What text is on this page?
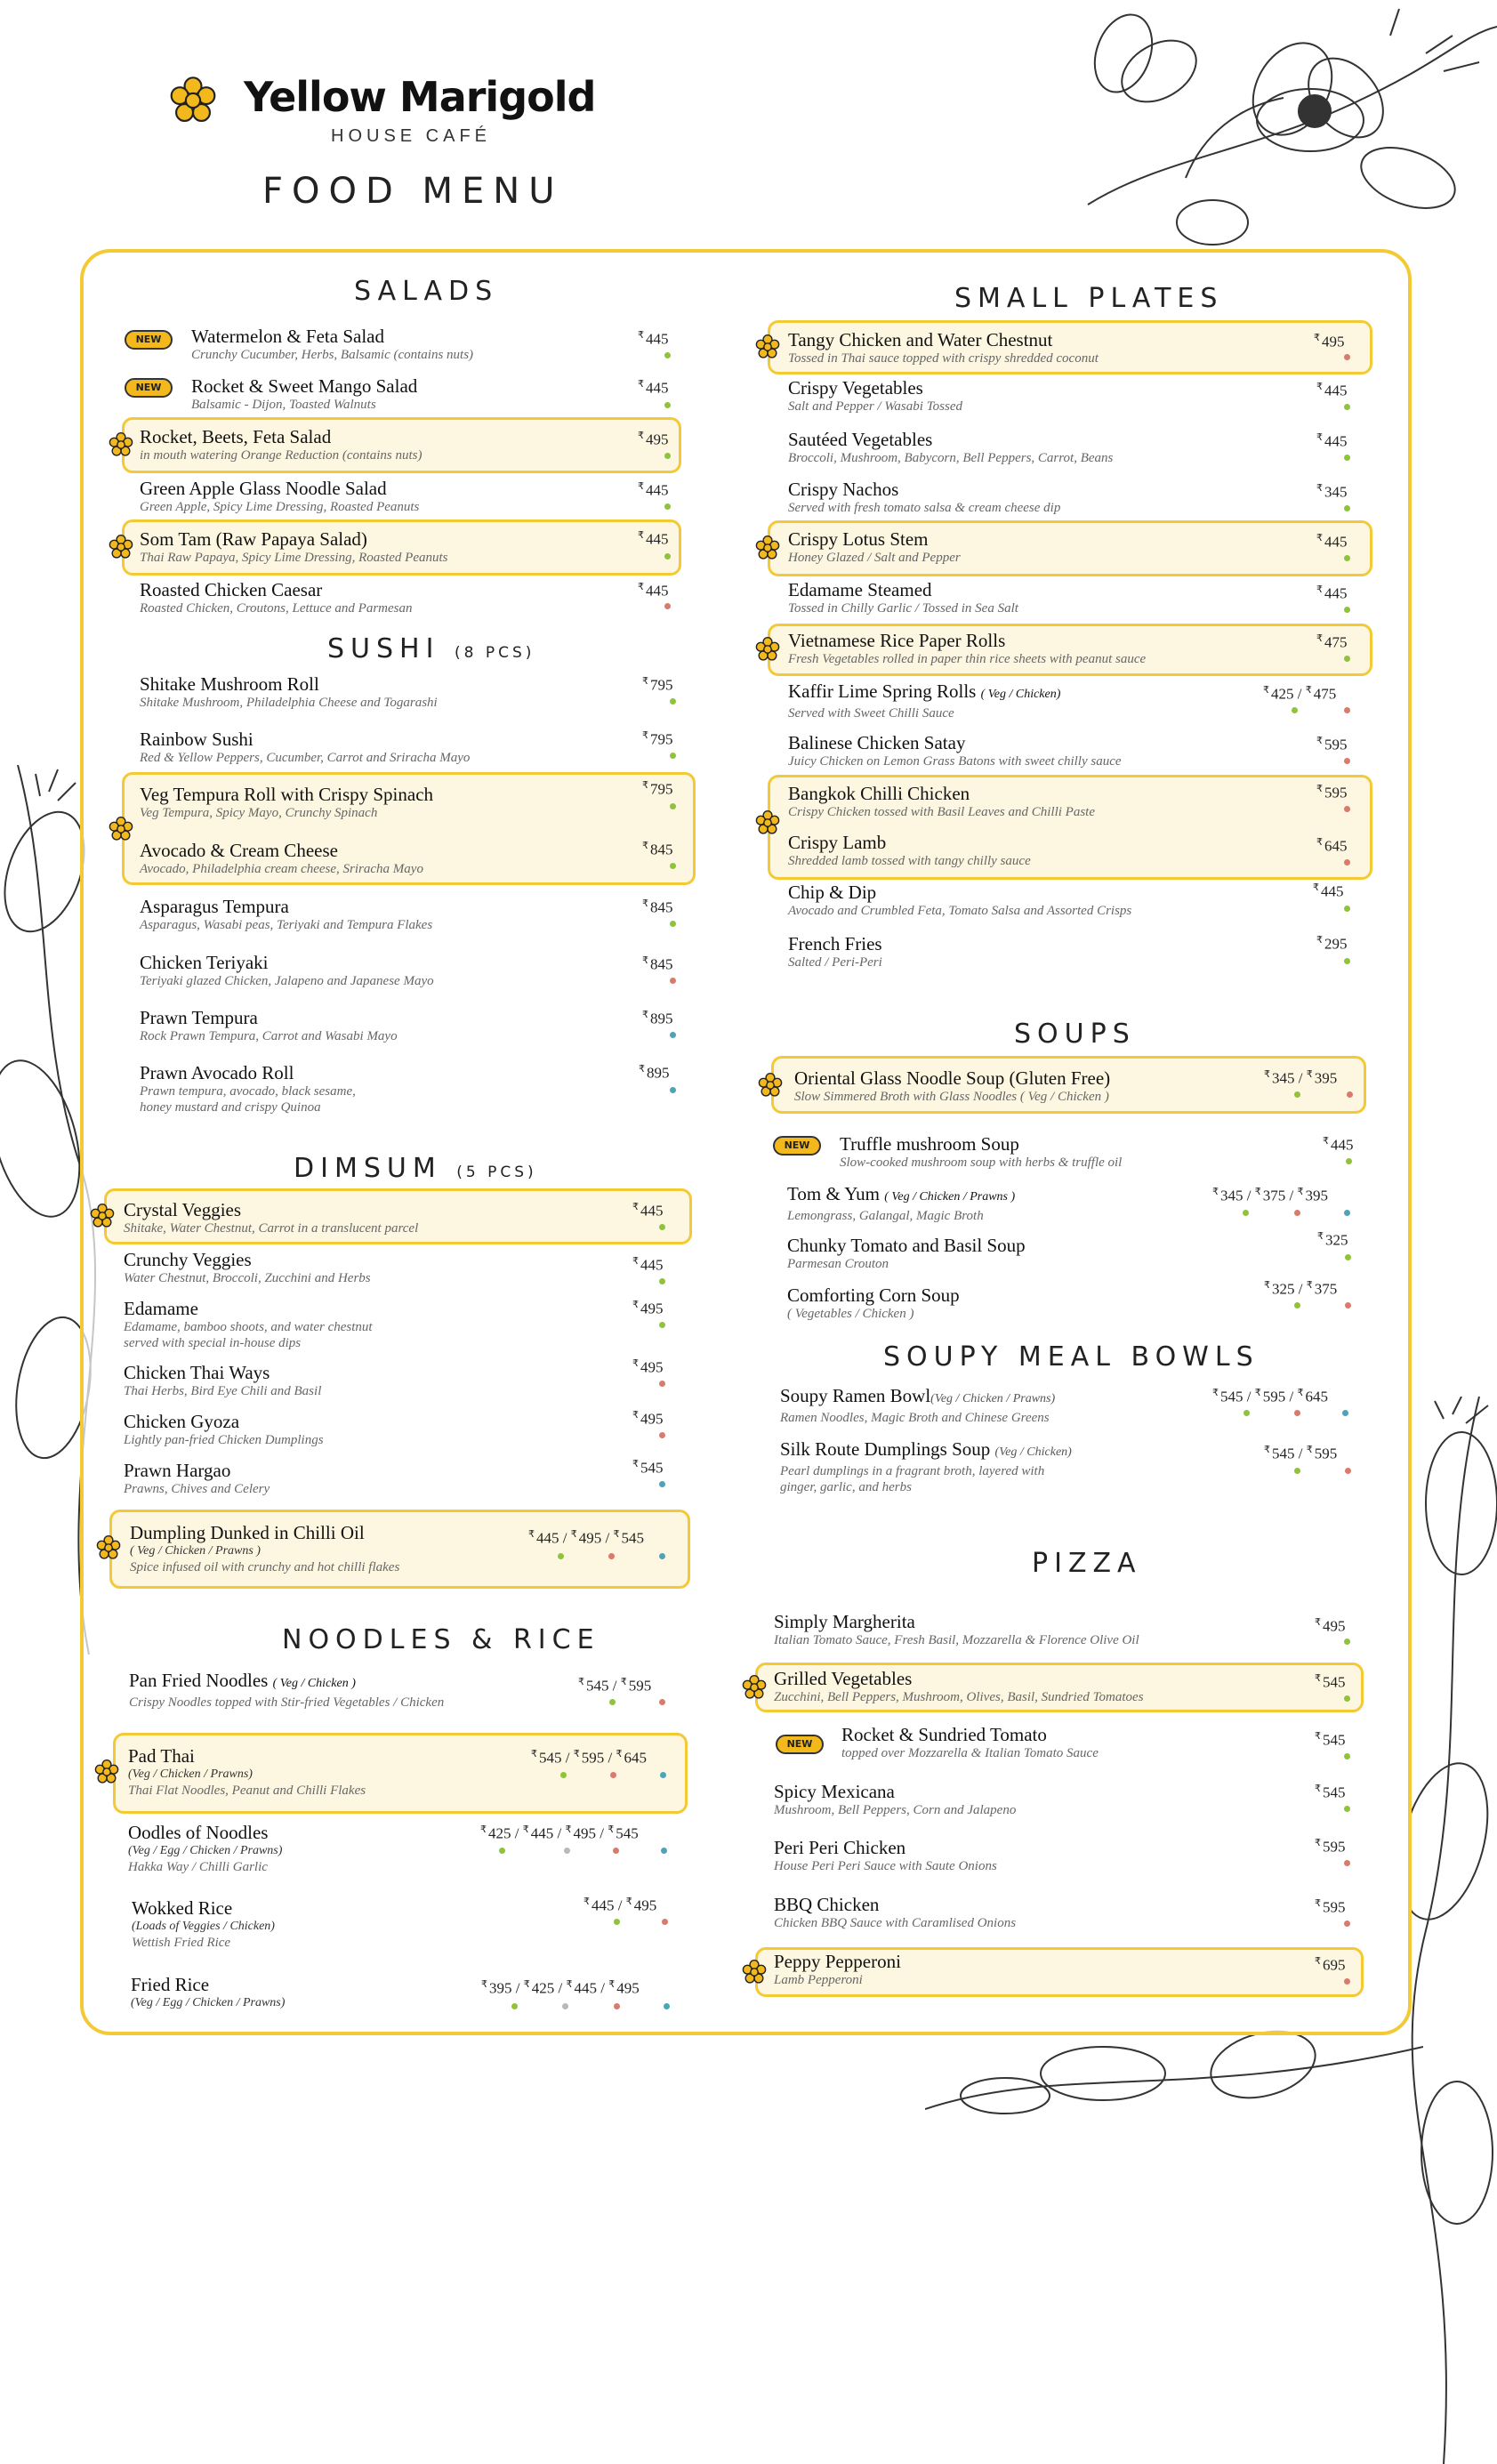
Yellow Marigold
HOUSE CAFÉ
FOOD MENU
SALADS
SUSHI (8 PCS)
DIMSUM (5 PCS)
NOODLES & RICE
SMALL PLATES
SOUPS
SOUPY MEAL BOWLS
PIZZA
NEW
NEW
NEW
NEW
Watermelon & Feta Salad
Crunchy Cucumber, Herbs, Balsamic (contains nuts)
₹ 445
Rocket & Sweet Mango Salad
Balsamic - Dijon, Toasted Walnuts
₹ 445
Rocket, Beets, Feta Salad
in mouth watering Orange Reduction (contains nuts)
₹ 495
Green Apple Glass Noodle Salad
Green Apple, Spicy Lime Dressing, Roasted Peanuts
₹ 445
Som Tam (Raw Papaya Salad)
Thai Raw Papaya, Spicy Lime Dressing, Roasted Peanuts
₹ 445
Roasted Chicken Caesar
Roasted Chicken, Croutons, Lettuce and Parmesan
₹ 445
Shitake Mushroom Roll
Shitake Mushroom, Philadelphia Cheese and Togarashi
₹ 795
Rainbow Sushi
Red & Yellow Peppers, Cucumber, Carrot and Sriracha Mayo
₹ 795
Veg Tempura Roll with Crispy Spinach
Veg Tempura, Spicy Mayo, Crunchy Spinach
₹ 795
Avocado & Cream Cheese
Avocado, Philadelphia cream cheese, Sriracha Mayo
₹ 845
Asparagus Tempura
Asparagus, Wasabi peas, Teriyaki and Tempura Flakes
₹ 845
Chicken Teriyaki
Teriyaki glazed Chicken, Jalapeno and Japanese Mayo
₹ 845
Prawn Tempura
Rock Prawn Tempura, Carrot and Wasabi Mayo
₹ 895
Prawn Avocado Roll
Prawn tempura, avocado, black sesame,
honey mustard and crispy Quinoa
₹ 895
Crystal Veggies
Shitake, Water Chestnut, Carrot in a translucent parcel
₹ 445
Crunchy Veggies
Water Chestnut, Broccoli, Zucchini and Herbs
₹ 445
Edamame
Edamame, bamboo shoots, and water chestnut
served with special in-house dips
₹ 495
Chicken Thai Ways
Thai Herbs, Bird Eye Chili and Basil
₹ 495
Chicken Gyoza
Lightly pan-fried Chicken Dumplings
₹ 495
Prawn Hargao
Prawns, Chives and Celery
₹ 545
Dumpling Dunked in Chilli Oil
( Veg / Chicken / Prawns )
Spice infused oil with crunchy and hot chilli flakes
₹ 445 / ₹ 495 / ₹ 545
Pan Fried Noodles ( Veg / Chicken )
Crispy Noodles topped with Stir-fried Vegetables / Chicken
₹ 545 / ₹ 595
Pad Thai
(Veg / Chicken / Prawns)
Thai Flat Noodles, Peanut and Chilli Flakes
₹ 545 / ₹ 595 / ₹ 645
Oodles of Noodles
(Veg / Egg / Chicken / Prawns)
Hakka Way / Chilli Garlic
₹ 425 / ₹ 445 / ₹ 495 / ₹ 545
Wokked Rice
(Loads of Veggies / Chicken)
Wettish Fried Rice
₹ 445 / ₹ 495
Fried Rice
(Veg / Egg / Chicken / Prawns)
₹ 395 / ₹ 425 / ₹ 445 / ₹ 495
Tangy Chicken and Water Chestnut
Tossed in Thai sauce topped with crispy shredded coconut
₹ 495
Crispy Vegetables
Salt and Pepper / Wasabi Tossed
₹ 445
Sautéed Vegetables
Broccoli, Mushroom, Babycorn, Bell Peppers, Carrot, Beans
₹ 445
Crispy Nachos
Served with fresh tomato salsa & cream cheese dip
₹ 345
Crispy Lotus Stem
Honey Glazed / Salt and Pepper
₹ 445
Edamame Steamed
Tossed in Chilly Garlic / Tossed in Sea Salt
₹ 445
Vietnamese Rice Paper Rolls
Fresh Vegetables rolled in paper thin rice sheets with peanut sauce
₹ 475
Kaffir Lime Spring Rolls ( Veg / Chicken)
Served with Sweet Chilli Sauce
₹ 425 / ₹ 475
Balinese Chicken Satay
Juicy Chicken on Lemon Grass Batons with sweet chilly sauce
₹ 595
Bangkok Chilli Chicken
Crispy Chicken tossed with Basil Leaves and Chilli Paste
₹ 595
Crispy Lamb
Shredded lamb tossed with tangy chilly sauce
₹ 645
Chip & Dip
Avocado and Crumbled Feta, Tomato Salsa and Assorted Crisps
₹ 445
French Fries
Salted / Peri-Peri
₹ 295
Oriental Glass Noodle Soup (Gluten Free)
Slow Simmered Broth with Glass Noodles ( Veg / Chicken )
₹ 345 / ₹ 395
Truffle mushroom Soup
Slow-cooked mushroom soup with herbs & truffle oil
₹ 445
Tom & Yum ( Veg / Chicken / Prawns )
Lemongrass, Galangal, Magic Broth
₹ 345 / ₹ 375 / ₹ 395
Chunky Tomato and Basil Soup
Parmesan Crouton
₹ 325
Comforting Corn Soup
( Vegetables / Chicken )
₹ 325 / ₹ 375
Soupy Ramen Bowl(Veg / Chicken / Prawns)
Ramen Noodles, Magic Broth and Chinese Greens
₹ 545 / ₹ 595 / ₹ 645
Silk Route Dumplings Soup (Veg / Chicken)
Pearl dumplings in a fragrant broth, layered with
ginger, garlic, and herbs
₹ 545 / ₹ 595
Simply Margherita
Italian Tomato Sauce, Fresh Basil, Mozzarella & Florence Olive Oil
₹ 495
Grilled Vegetables
Zucchini, Bell Peppers, Mushroom, Olives, Basil, Sundried Tomatoes
₹ 545
Rocket & Sundried Tomato
topped over Mozzarella & Italian Tomato Sauce
₹ 545
Spicy Mexicana
Mushroom, Bell Peppers, Corn and Jalapeno
₹ 545
Peri Peri Chicken
House Peri Peri Sauce with Saute Onions
₹ 595
BBQ Chicken
Chicken BBQ Sauce with Caramlised Onions
₹ 595
Peppy Pepperoni
Lamb Pepperoni
₹ 695
